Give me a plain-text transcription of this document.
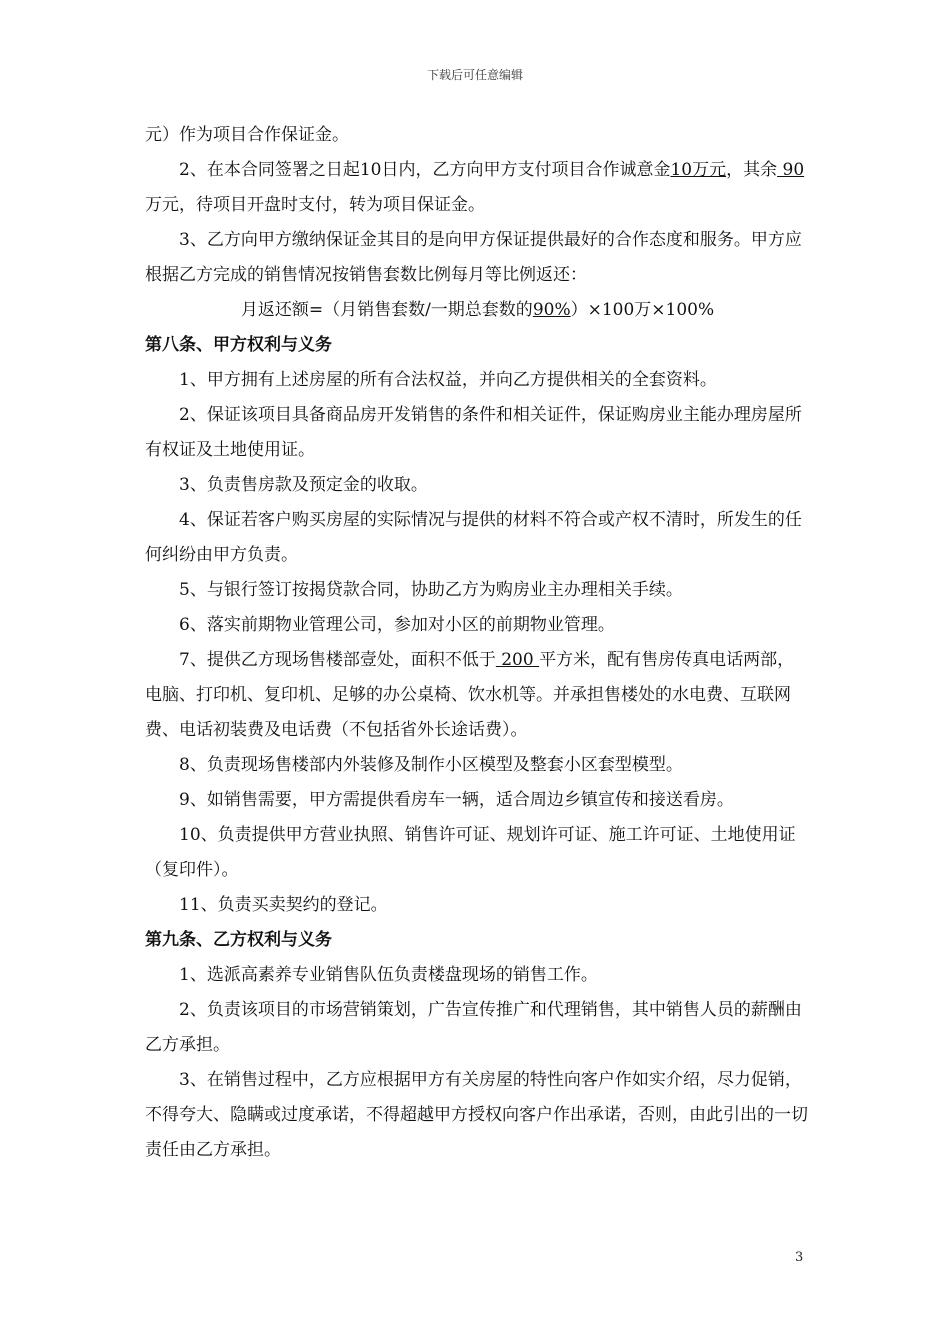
下载后可任意编辑

元）作为项目合作保证金。

2、在本合同签署之日起10日内，乙方向甲方支付项目合作诚意金10万元，其余 90 万元，待项目开盘时支付，转为项目保证金。

3、乙方向甲方缴纳保证金其目的是向甲方保证提供最好的合作态度和服务。甲方应根据乙方完成的销售情况按销售套数比例每月等比例返还：

月返还额=（月销售套数/一期总套数的90%）×100万×100%

第八条、甲方权利与义务

1、甲方拥有上述房屋的所有合法权益，并向乙方提供相关的全套资料。

2、保证该项目具备商品房开发销售的条件和相关证件，保证购房业主能办理房屋所有权证及土地使用证。

3、负责售房款及预定金的收取。

4、保证若客户购买房屋的实际情况与提供的材料不符合或产权不清时，所发生的任何纠纷由甲方负责。

5、与银行签订按揭贷款合同，协助乙方为购房业主办理相关手续。

6、落实前期物业管理公司，参加对小区的前期物业管理。

7、提供乙方现场售楼部壹处，面积不低于 200 平方米，配有售房传真电话两部，电脑、打印机、复印机、足够的办公桌椅、饮水机等。并承担售楼处的水电费、互联网费、电话初装费及电话费（不包括省外长途话费）。

8、负责现场售楼部内外装修及制作小区模型及整套小区套型模型。

9、如销售需要，甲方需提供看房车一辆，适合周边乡镇宣传和接送看房。

10、负责提供甲方营业执照、销售许可证、规划许可证、施工许可证、土地使用证（复印件）。

11、负责买卖契约的登记。

第九条、乙方权利与义务

1、选派高素养专业销售队伍负责楼盘现场的销售工作。

2、负责该项目的市场营销策划，广告宣传推广和代理销售，其中销售人员的薪酬由乙方承担。

3、在销售过程中，乙方应根据甲方有关房屋的特性向客户作如实介绍，尽力促销，不得夸大、隐瞒或过度承诺，不得超越甲方授权向客户作出承诺，否则，由此引出的一切责任由乙方承担。

3
